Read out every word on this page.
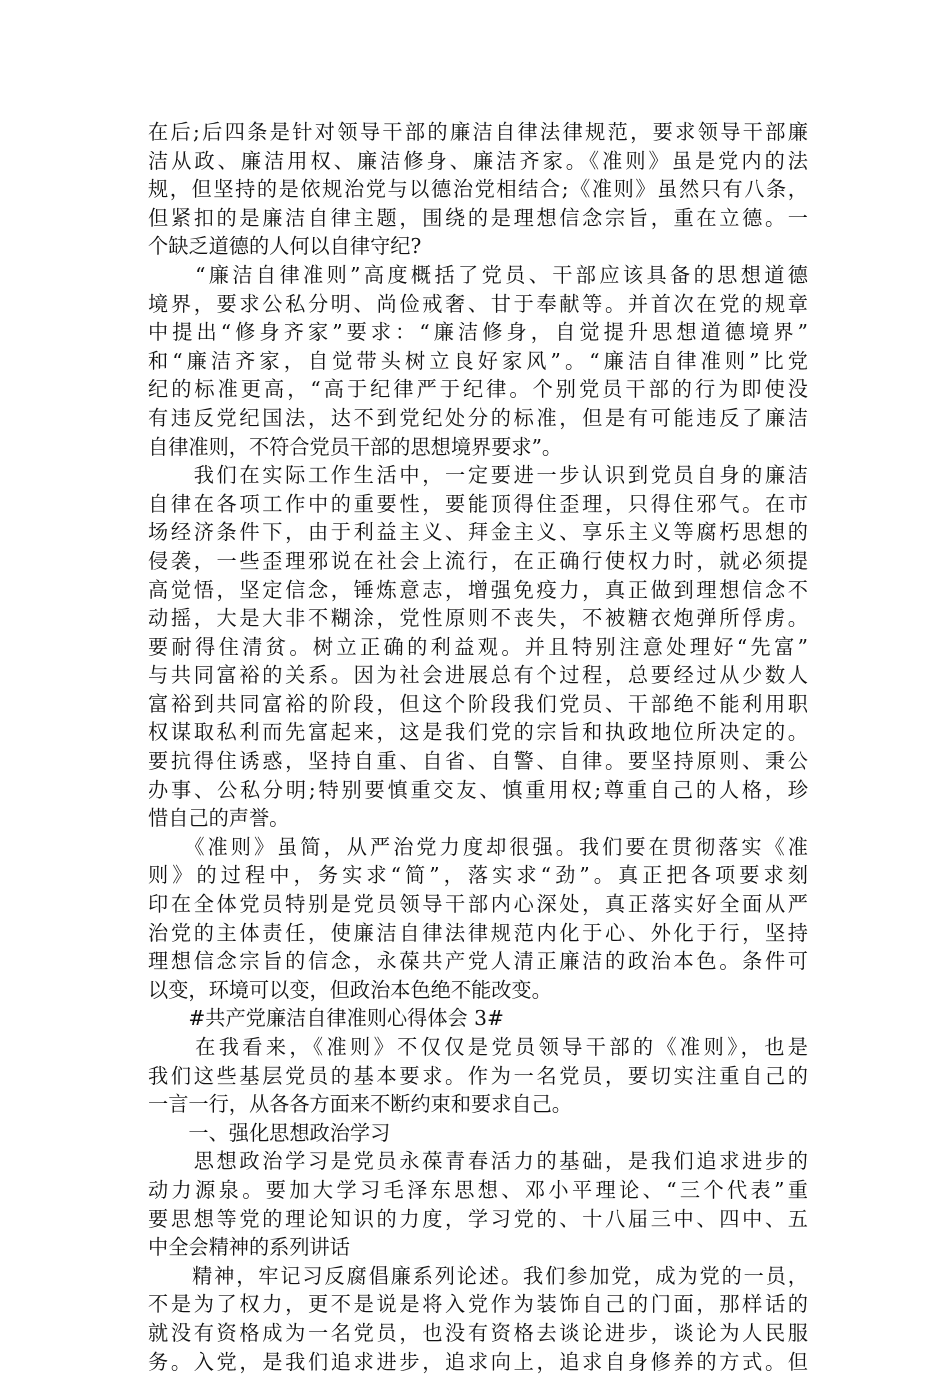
在后;后四条是针对领导干部的廉洁自律法律规范，要求领导干部廉
洁从政、廉洁用权、廉洁修身、廉洁齐家。《准则》虽是党内的法
规，但坚持的是依规治党与以德治党相结合;《准则》虽然只有八条，
但紧扣的是廉洁自律主题，围绕的是理想信念宗旨，重在立德。一
个缺乏道德的人何以自律守纪?
　　“廉洁自律准则”高度概括了党员、干部应该具备的思想道德
境界，要求公私分明、尚俭戒奢、甘于奉献等。并首次在党的规章
中提出“修身齐家”要求：“廉洁修身，自觉提升思想道德境界”
和“廉洁齐家，自觉带头树立良好家风”。“廉洁自律准则”比党
纪的标准更高，“高于纪律严于纪律。个别党员干部的行为即使没
有违反党纪国法，达不到党纪处分的标准，但是有可能违反了廉洁
自律准则，不符合党员干部的思想境界要求”。
　　我们在实际工作生活中，一定要进一步认识到党员自身的廉洁
自律在各项工作中的重要性，要能顶得住歪理，只得住邪气。在市
场经济条件下，由于利益主义、拜金主义、享乐主义等腐朽思想的
侵袭，一些歪理邪说在社会上流行，在正确行使权力时，就必须提
高觉悟，坚定信念，锤炼意志，增强免疫力，真正做到理想信念不
动摇，大是大非不糊涂，党性原则不丧失，不被糖衣炮弹所俘虏。
要耐得住清贫。树立正确的利益观。并且特别注意处理好“先富”
与共同富裕的关系。因为社会进展总有个过程，总要经过从少数人
富裕到共同富裕的阶段，但这个阶段我们党员、干部绝不能利用职
权谋取私利而先富起来，这是我们党的宗旨和执政地位所决定的。
要抗得住诱惑，坚持自重、自省、自警、自律。要坚持原则、秉公
办事、公私分明;特别要慎重交友、慎重用权;尊重自己的人格，珍
惜自己的声誉。
　　《准则》虽简，从严治党力度却很强。我们要在贯彻落实《准
则》的过程中，务实求“简”，落实求“劲”。真正把各项要求刻
印在全体党员特别是党员领导干部内心深处，真正落实好全面从严
治党的主体责任，使廉洁自律法律规范内化于心、外化于行，坚持
理想信念宗旨的信念，永葆共产党人清正廉洁的政治本色。条件可
以变，环境可以变，但政治本色绝不能改变。
　　#共产党廉洁自律准则心得体会 3#
　　在我看来，《准则》不仅仅是党员领导干部的《准则》，也是
我们这些基层党员的基本要求。作为一名党员，要切实注重自己的
一言一行，从各各方面来不断约束和要求自己。
　　一、强化思想政治学习
　　思想政治学习是党员永葆青春活力的基础，是我们追求进步的
动力源泉。要加大学习毛泽东思想、邓小平理论、“三个代表”重
要思想等党的理论知识的力度，学习党的、十八届三中、四中、五
中全会精神的系列讲话
　　精神，牢记习反腐倡廉系列论述。我们参加党，成为党的一员，
不是为了权力，更不是说是将入党作为装饰自己的门面，那样话的
就没有资格成为一名党员，也没有资格去谈论进步，谈论为人民服
务。入党，是我们追求进步，追求向上，追求自身修养的方式。但
